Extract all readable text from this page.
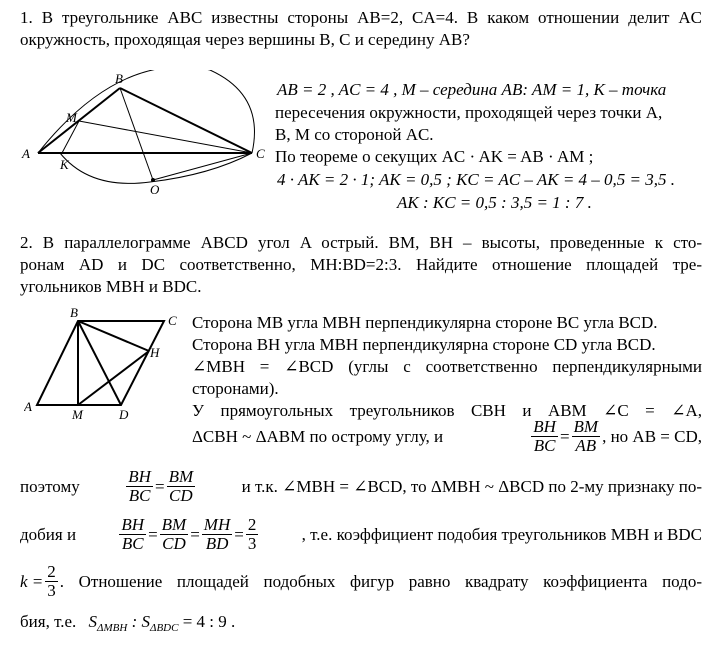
1. В треугольнике ABC известны стороны AB=2, CA=4. В каком отношении делит AC
окружность, проходящая через вершины B, C и середину AB?
A
B
C
M
K
O
AB = 2 , AC = 4 , M – середина AB: AM = 1, K – точка
пересечения окружности, проходящей через точки A,
B, M со стороной AC.
По теореме о секущих AC · AK = AB · AM ;
4 · AK = 2 · 1; AK = 0,5 ; KC = AC – AK = 4 – 0,5 = 3,5 .
AK : KC = 0,5 : 3,5 = 1 : 7 .
2. В параллелограмме ABCD угол A острый. BM, BH – высоты, проведенные к сто-
ронам AD и DC соответственно, MH:BD=2:3. Найдите отношение площадей тре-
угольников MBH и BDC.
A
B
C
D
M
H
Сторона MB угла MBH перпендикулярна стороне BC угла BCD.
Сторона BH угла MBH перпендикулярна стороне CD угла BCD.
∠MBH = ∠BCD (углы с соответственно перпендикулярными
сторонами).
У прямоугольных треугольников CBH и ABM ∠C = ∠A,
ΔCBH ~ ΔABM по острому углу, и	$\frac{BH}{BC} = \frac{BM}{AB}$ , но AB = CD,
поэтому	$\frac{BH}{BC} = \frac{BM}{CD}$	и т.к. ∠MBH = ∠BCD, то ΔMBH ~ ΔBCD по 2-му признаку по-
добия и	$\frac{BH}{BC} = \frac{BM}{CD} = \frac{MH}{BD} = \frac{2}{3}$	, т.е. коэффициент подобия треугольников MBH и BDC
$k = \frac{2}{3}$ . Отношение площадей подобных фигур равно квадрату коэффициента подо-
бия, т.е. $S_{\Delta MBH}$ : $S_{\Delta BDC} = 4$ : 9 .
